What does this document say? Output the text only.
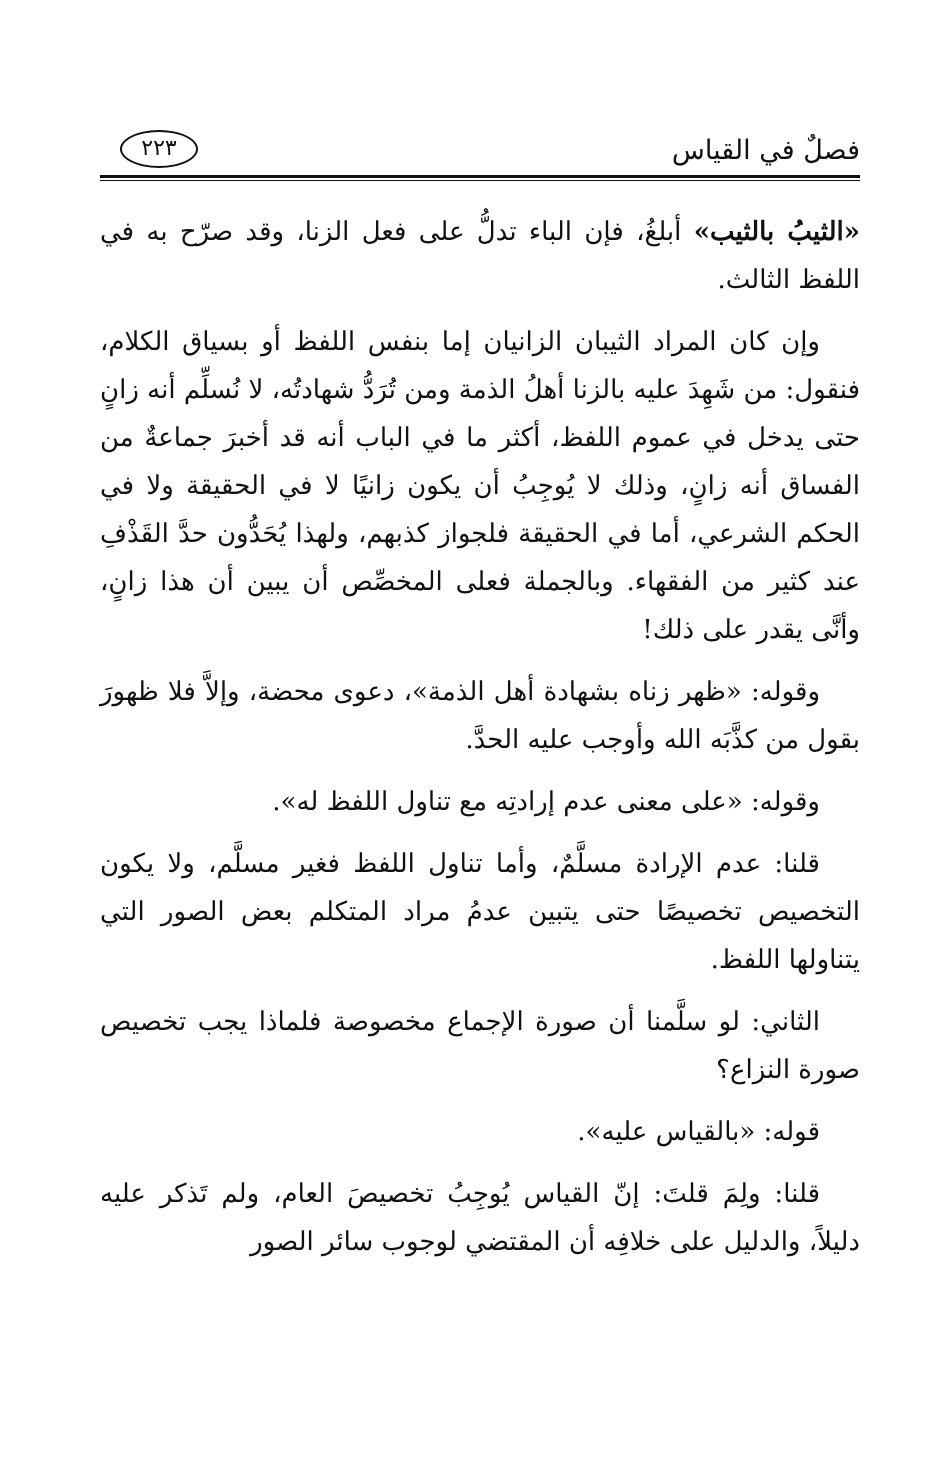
فصلٌ في القياس
٢٢٣

«الثيبُ بالثيب» أبلغُ، فإن الباء تدلُّ على فعل الزنا، وقد صرّح به في اللفظ الثالث.

وإن كان المراد الثيبان الزانيان إما بنفس اللفظ أو بسياق الكلام، فنقول: من شَهِدَ عليه بالزنا أهلُ الذمة ومن تُرَدُّ شهادتُه، لا نُسلِّم أنه زانٍ حتى يدخل في عموم اللفظ، أكثر ما في الباب أنه قد أخبرَ جماعةٌ من الفساق أنه زانٍ، وذلك لا يُوجِبُ أن يكون زانيًا لا في الحقيقة ولا في الحكم الشرعي، أما في الحقيقة فلجواز كذبهم، ولهذا يُحَدُّون حدَّ القَذْفِ عند كثير من الفقهاء. وبالجملة فعلى المخصِّص أن يبين أن هذا زانٍ، وأنَّى يقدر على ذلك!

وقوله: «ظهر زناه بشهادة أهل الذمة»، دعوى محضة، وإلاَّ فلا ظهورَ بقول من كذَّبَه الله وأوجب عليه الحدَّ.

وقوله: «على معنى عدم إرادتِه مع تناول اللفظ له».

قلنا: عدم الإرادة مسلَّمٌ، وأما تناول اللفظ فغير مسلَّم، ولا يكون التخصيص تخصيصًا حتى يتبين عدمُ مراد المتكلم بعض الصور التي يتناولها اللفظ.

الثاني: لو سلَّمنا أن صورة الإجماع مخصوصة فلماذا يجب تخصيص صورة النزاع؟

قوله: «بالقياس عليه».

قلنا: ولِمَ قلتَ: إنّ القياس يُوجِبُ تخصيصَ العام، ولم تَذكر عليه دليلاً، والدليل على خلافِه أن المقتضي لوجوب سائر الصور
